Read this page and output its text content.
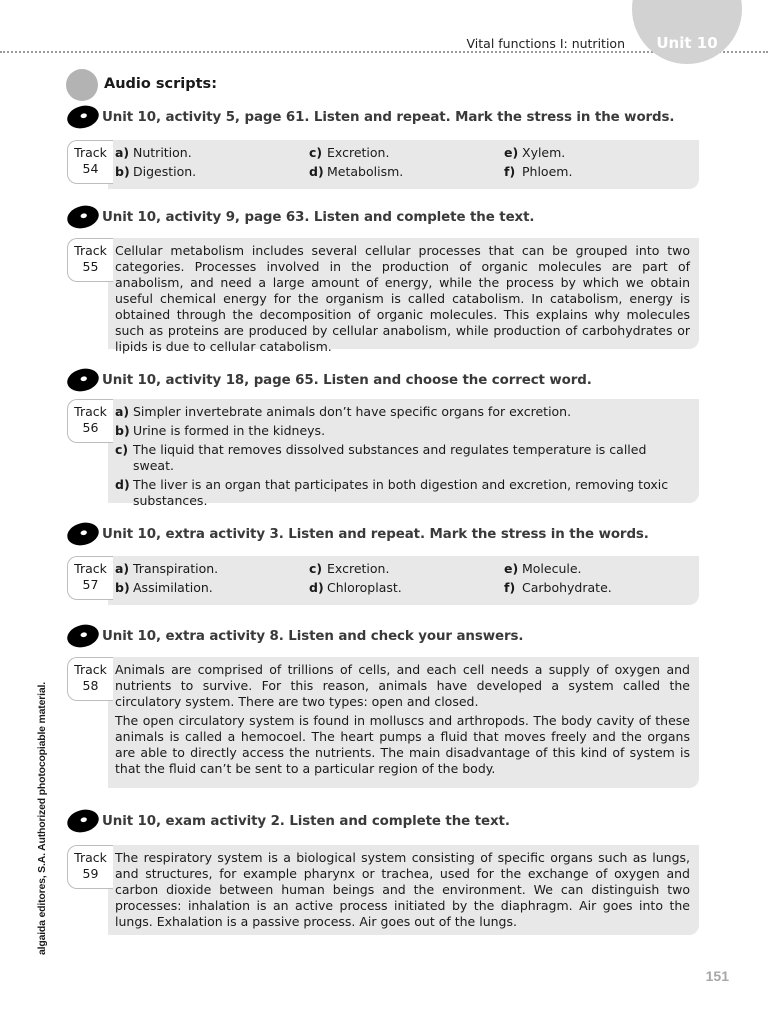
Unit 10
Vital functions I: nutrition
Audio scripts:
Unit 10, activity 5, page 61. Listen and repeat. Mark the stress in the words.
a) Nutrition.	c) Excretion.	e) Xylem.
b) Digestion.	d) Metabolism.	f) Phloem.
Track
54
Unit 10, activity 9, page 63. Listen and complete the text.

Cellular metabolism includes several cellular processes that can be grouped into two categories. Processes involved in the production of organic molecules are part of anabolism, and need a large amount of energy, while the process by which we obtain useful chemical energy for the organism is called catabolism. In catabolism, energy is obtained through the decomposition of organic molecules. This explains why molecules such as proteins are produced by cellular anabolism, while production of carbohydrates or lipids is due to cellular catabolism.

Track
55
Unit 10, activity 18, page 65. Listen and choose the correct word.
a) Simpler invertebrate animals don’t have specific organs for excretion.
b) Urine is formed in the kidneys.
c) The liquid that removes dissolved substances and regulates temperature is called sweat.
d) The liver is an organ that participates in both digestion and excretion, removing toxic substances.
Track
56
Unit 10, extra activity 3. Listen and repeat. Mark the stress in the words.
a) Transpiration.	c) Excretion.	e) Molecule.
b) Assimilation.	d) Chloroplast.	f) Carbohydrate.
Track
57
Unit 10, extra activity 8. Listen and check your answers.

Animals are comprised of trillions of cells, and each cell needs a supply of oxygen and nutrients to survive. For this reason, animals have developed a system called the circulatory system. There are two types: open and closed.

The open circulatory system is found in molluscs and arthropods. The body cavity of these animals is called a hemocoel. The heart pumps a fluid that moves freely and the organs are able to directly access the nutrients. The main disadvantage of this kind of system is that the fluid can’t be sent to a particular region of the body.

Track
58
Unit 10, exam activity 2. Listen and complete the text.

The respiratory system is a biological system consisting of specific organs such as lungs, and structures, for example pharynx or trachea, used for the exchange of oxygen and carbon dioxide between human beings and the environment. We can distinguish two processes: inhalation is an active process initiated by the diaphragm. Air goes into the lungs. Exhalation is a passive process. Air goes out of the lungs.

Track
59
algaida editores, S.A. Authorized photocopiable material.
151
